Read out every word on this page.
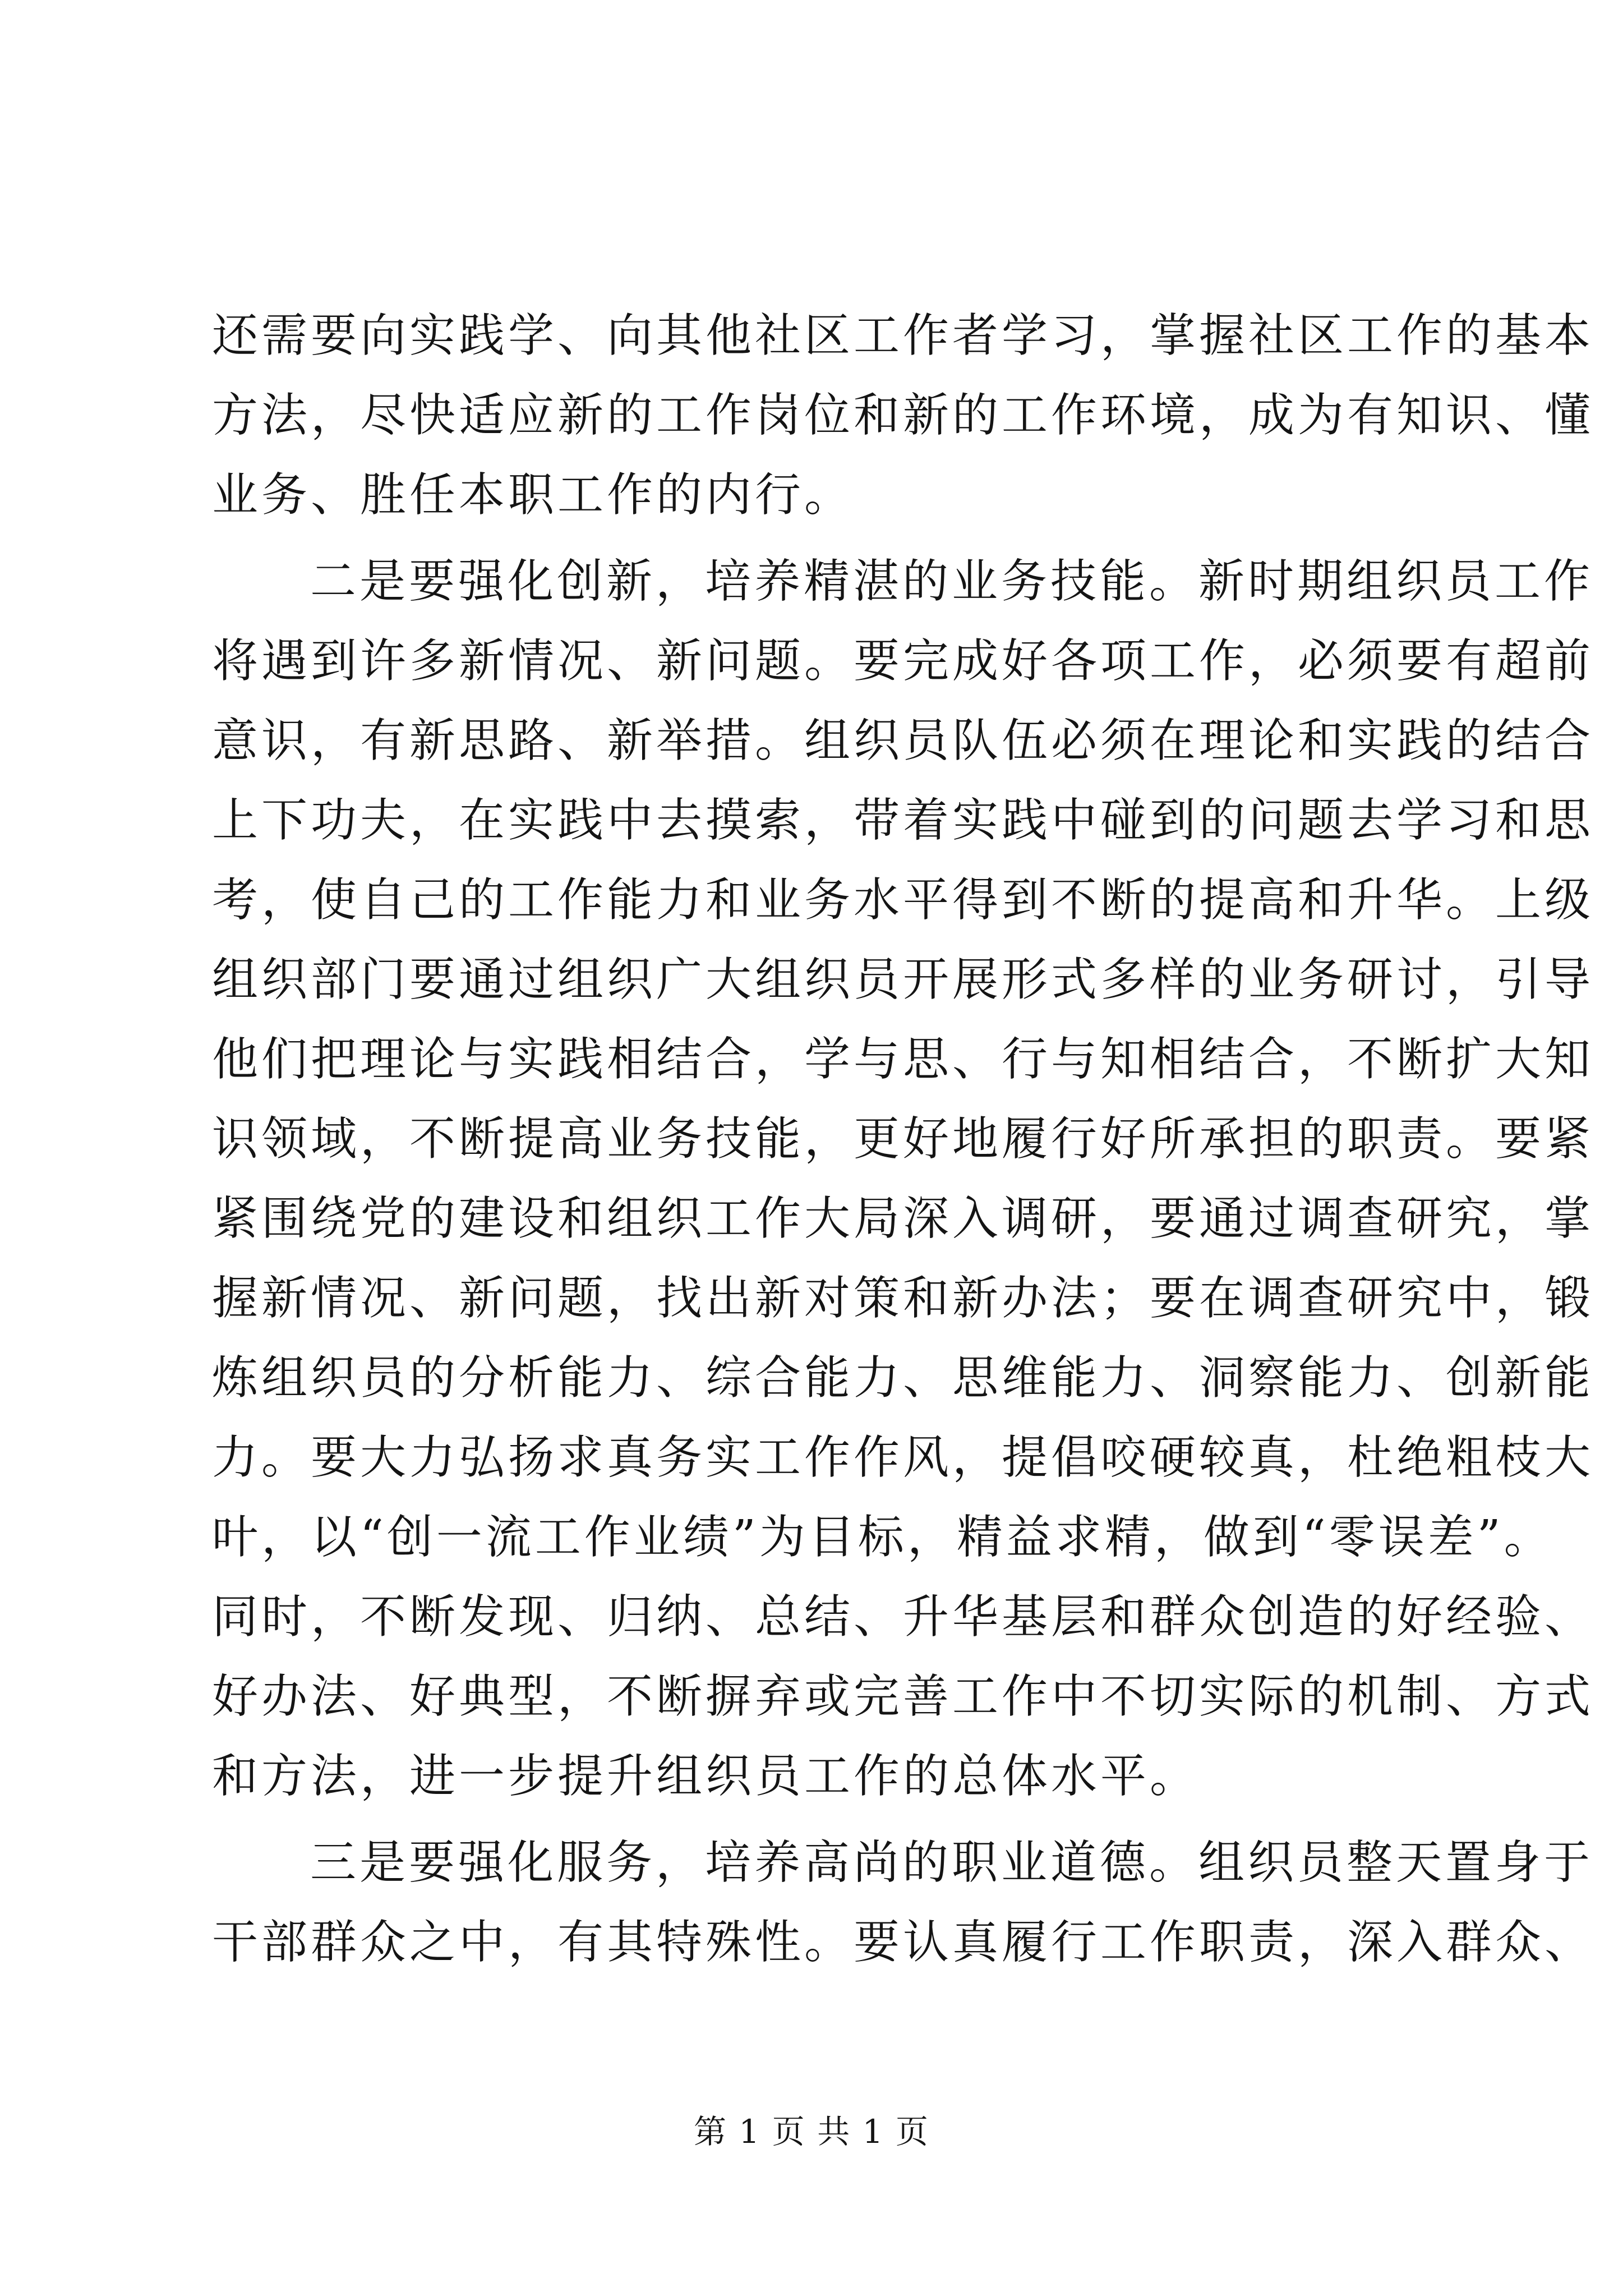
还需要向实践学、向其他社区工作者学习，掌握社区工作的基本
方法，尽快适应新的工作岗位和新的工作环境，成为有知识、懂
业务、胜任本职工作的内行。
二是要强化创新，培养精湛的业务技能。新时期组织员工作
将遇到许多新情况、新问题。要完成好各项工作，必须要有超前
意识，有新思路、新举措。组织员队伍必须在理论和实践的结合
上下功夫，在实践中去摸索，带着实践中碰到的问题去学习和思
考，使自己的工作能力和业务水平得到不断的提高和升华。上级
组织部门要通过组织广大组织员开展形式多样的业务研讨，引导
他们把理论与实践相结合，学与思、行与知相结合，不断扩大知
识领域，不断提高业务技能，更好地履行好所承担的职责。要紧
紧围绕党的建设和组织工作大局深入调研，要通过调查研究，掌
握新情况、新问题，找出新对策和新办法；要在调查研究中，锻
炼组织员的分析能力、综合能力、思维能力、洞察能力、创新能
力。要大力弘扬求真务实工作作风，提倡咬硬较真，杜绝粗枝大
叶，以“创一流工作业绩”为目标，精益求精，做到“零误差”。
同时，不断发现、归纳、总结、升华基层和群众创造的好经验、
好办法、好典型，不断摒弃或完善工作中不切实际的机制、方式
和方法，进一步提升组织员工作的总体水平。
三是要强化服务，培养高尚的职业道德。组织员整天置身于
干部群众之中，有其特殊性。要认真履行工作职责，深入群众、
第 1 页 共 1 页
